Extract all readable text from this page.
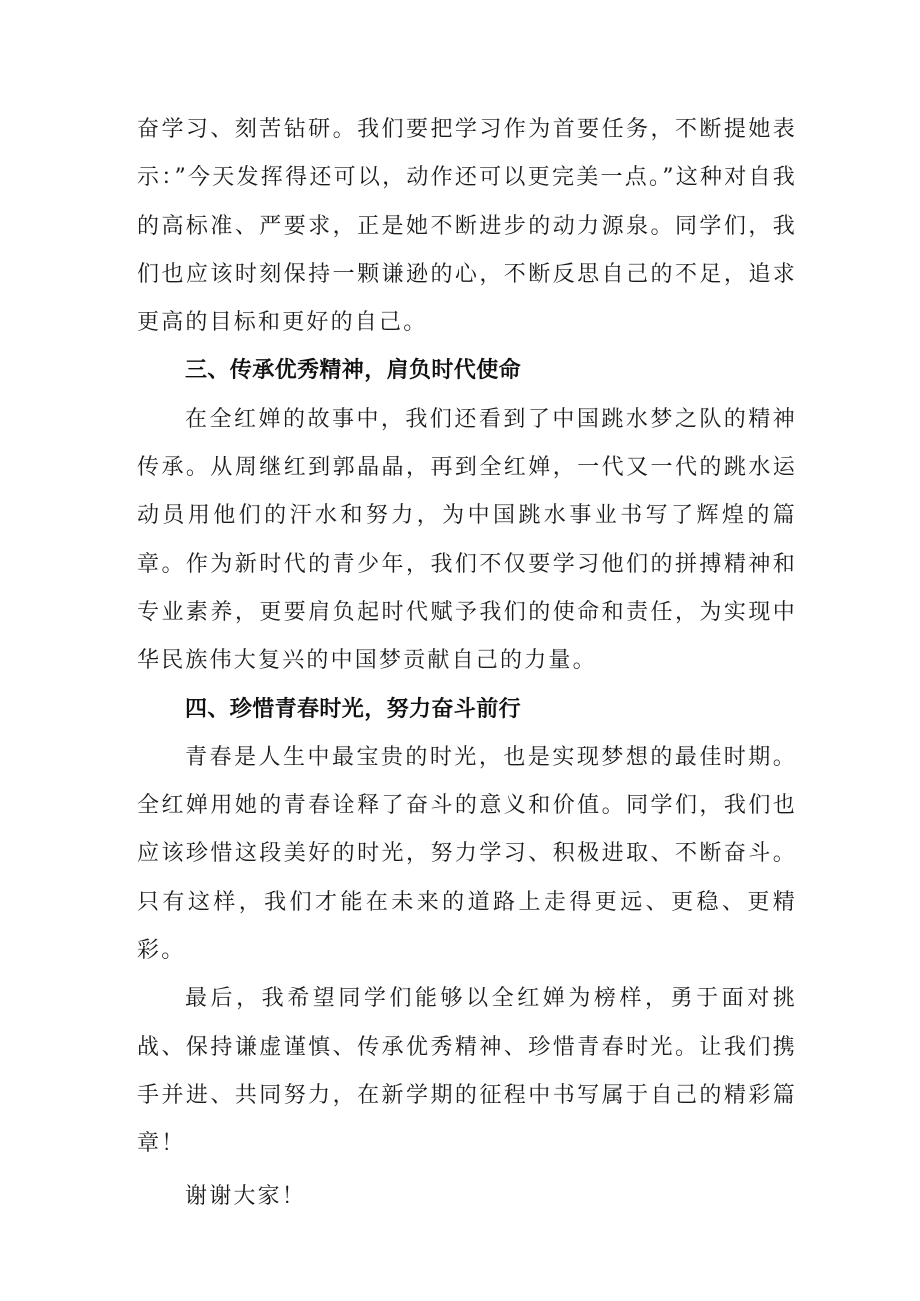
奋学习、刻苦钻研。我们要把学习作为首要任务，不断提她表示：”今天发挥得还可以，动作还可以更完美一点。”这种对自我的高标准、严要求，正是她不断进步的动力源泉。同学们，我们也应该时刻保持一颗谦逊的心，不断反思自己的不足，追求更高的目标和更好的自己。

三、传承优秀精神，肩负时代使命

在全红婵的故事中，我们还看到了中国跳水梦之队的精神传承。从周继红到郭晶晶，再到全红婵，一代又一代的跳水运动员用他们的汗水和努力，为中国跳水事业书写了辉煌的篇章。作为新时代的青少年，我们不仅要学习他们的拼搏精神和专业素养，更要肩负起时代赋予我们的使命和责任，为实现中华民族伟大复兴的中国梦贡献自己的力量。

四、珍惜青春时光，努力奋斗前行

青春是人生中最宝贵的时光，也是实现梦想的最佳时期。全红婵用她的青春诠释了奋斗的意义和价值。同学们，我们也应该珍惜这段美好的时光，努力学习、积极进取、不断奋斗。只有这样，我们才能在未来的道路上走得更远、更稳、更精彩。

最后，我希望同学们能够以全红婵为榜样，勇于面对挑战、保持谦虚谨慎、传承优秀精神、珍惜青春时光。让我们携手并进、共同努力，在新学期的征程中书写属于自己的精彩篇章！

谢谢大家！
